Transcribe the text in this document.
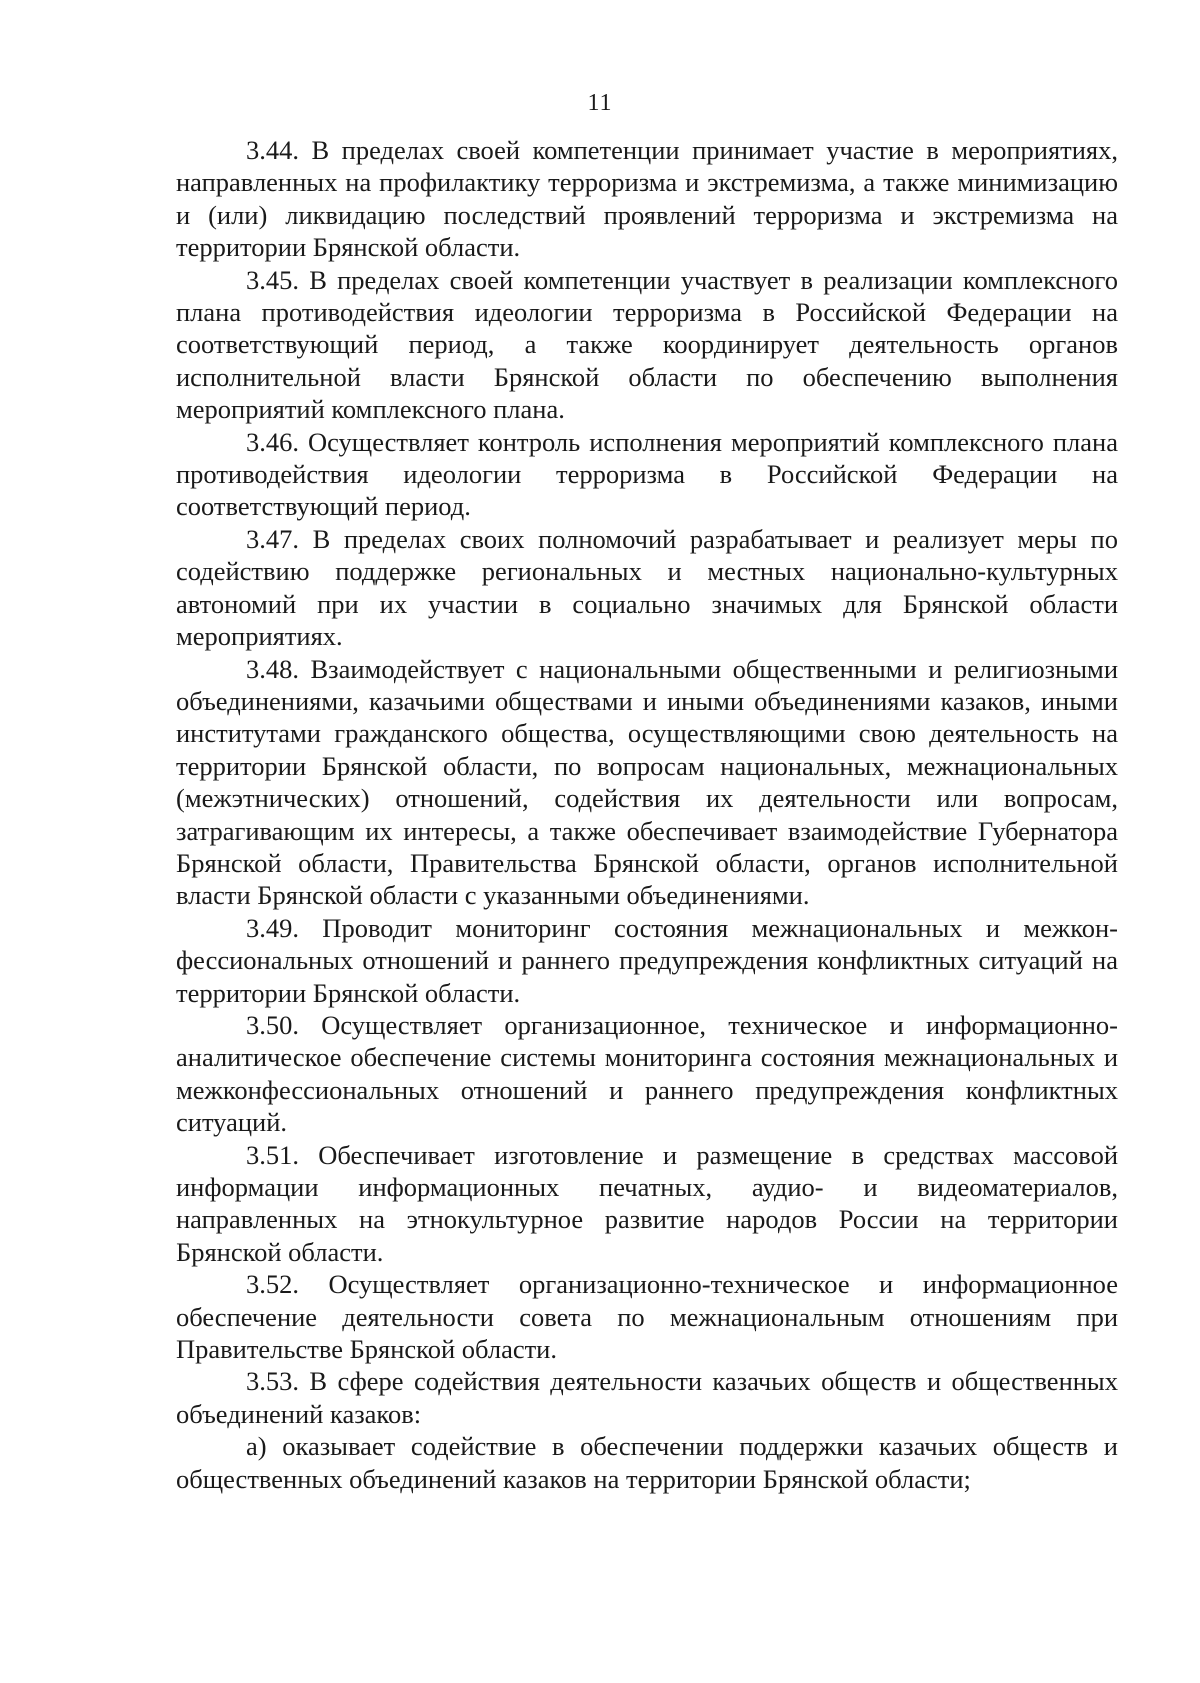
11

3.44. В пределах своей компетенции принимает участие в мероприятиях, направленных на профилактику терроризма и экстремизма, а также минимизацию и (или) ликвидацию последствий проявлений терроризма и экстремизма на территории Брянской области.

3.45. В пределах своей компетенции участвует в реализации комплексного плана противодействия идеологии терроризма в Российской Федерации на соответствующий период, а также координирует деятельность органов исполнительной власти Брянской области по обеспечению выполнения мероприятий комплексного плана.

3.46. Осуществляет контроль исполнения мероприятий комплексного плана противодействия идеологии терроризма в Российской Федерации на соответствующий период.

3.47. В пределах своих полномочий разрабатывает и реализует меры по содействию поддержке региональных и местных национально-культурных автономий при их участии в социально значимых для Брянской области мероприятиях.

3.48. Взаимодействует с национальными общественными и религиозными объединениями, казачьими обществами и иными объединениями казаков, иными институтами гражданского общества, осуществляющими свою деятельность на территории Брянской области, по вопросам национальных, межнациональных (межэтнических) отношений, содействия их деятельности или вопросам, затрагивающим их интересы, а также обеспечивает взаимодействие Губернатора Брянской области, Правительства Брянской области, органов исполнительной власти Брянской области с указанными объединениями.

3.49. Проводит мониторинг состояния межнациональных и межконфессиональных отношений и раннего предупреждения конфликтных ситуаций на территории Брянской области.

3.50. Осуществляет организационное, техническое и информационно-аналитическое обеспечение системы мониторинга состояния межнациональных и межконфессиональных отношений и раннего предупреждения конфликтных ситуаций.

3.51. Обеспечивает изготовление и размещение в средствах массовой информации информационных печатных, аудио- и видеоматериалов, направленных на этнокультурное развитие народов России на территории Брянской области.

3.52. Осуществляет организационно-техническое и информационное обеспечение деятельности совета по межнациональным отношениям при Правительстве Брянской области.

3.53. В сфере содействия деятельности казачьих обществ и общественных объединений казаков:

а) оказывает содействие в обеспечении поддержки казачьих обществ и общественных объединений казаков на территории Брянской области;
